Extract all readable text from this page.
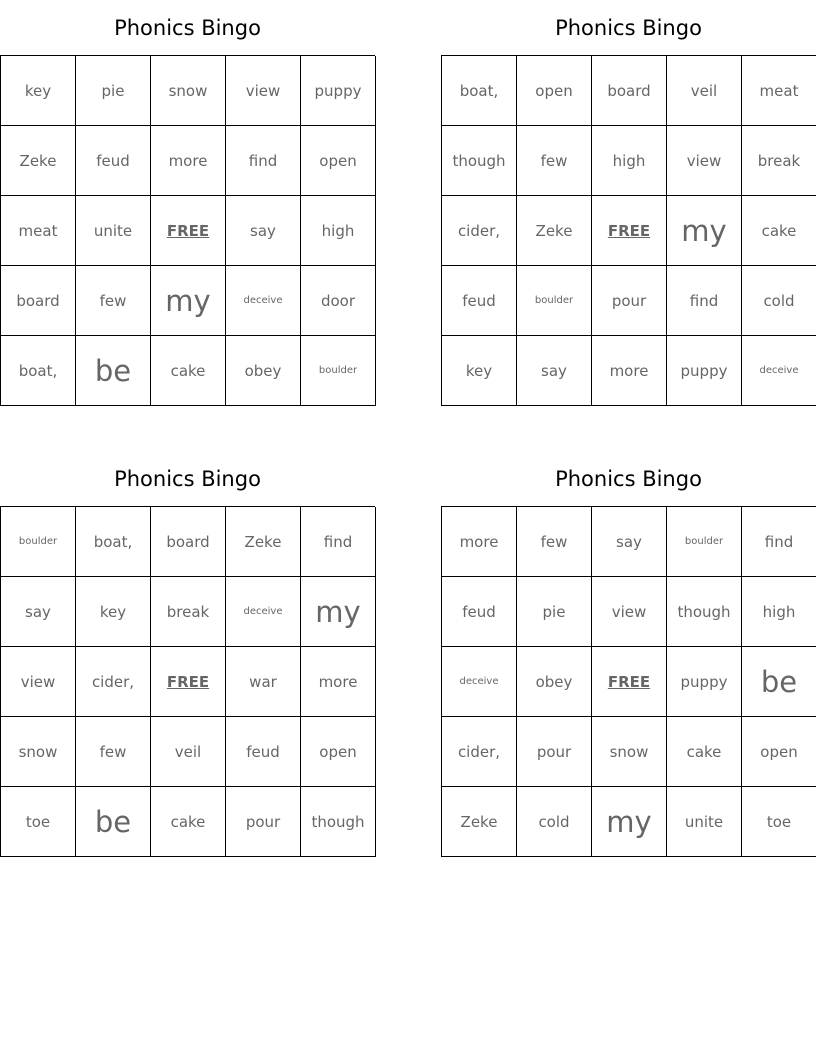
Phonics Bingo
key	pie	snow	view	puppy
Zeke	feud	more	find	open
meat	unite	FREE	say	high
board	few	my	deceive	door
boat,	be	cake	obey	boulder
Phonics Bingo
boat,	open	board	veil	meat
though	few	high	view	break
cider,	Zeke	FREE	my	cake
feud	boulder	pour	find	cold
key	say	more	puppy	deceive
Phonics Bingo
boulder	boat,	board	Zeke	find
say	key	break	deceive	my
view	cider,	FREE	war	more
snow	few	veil	feud	open
toe	be	cake	pour	though
Phonics Bingo
more	few	say	boulder	find
feud	pie	view	though	high
deceive	obey	FREE	puppy	be
cider,	pour	snow	cake	open
Zeke	cold	my	unite	toe
